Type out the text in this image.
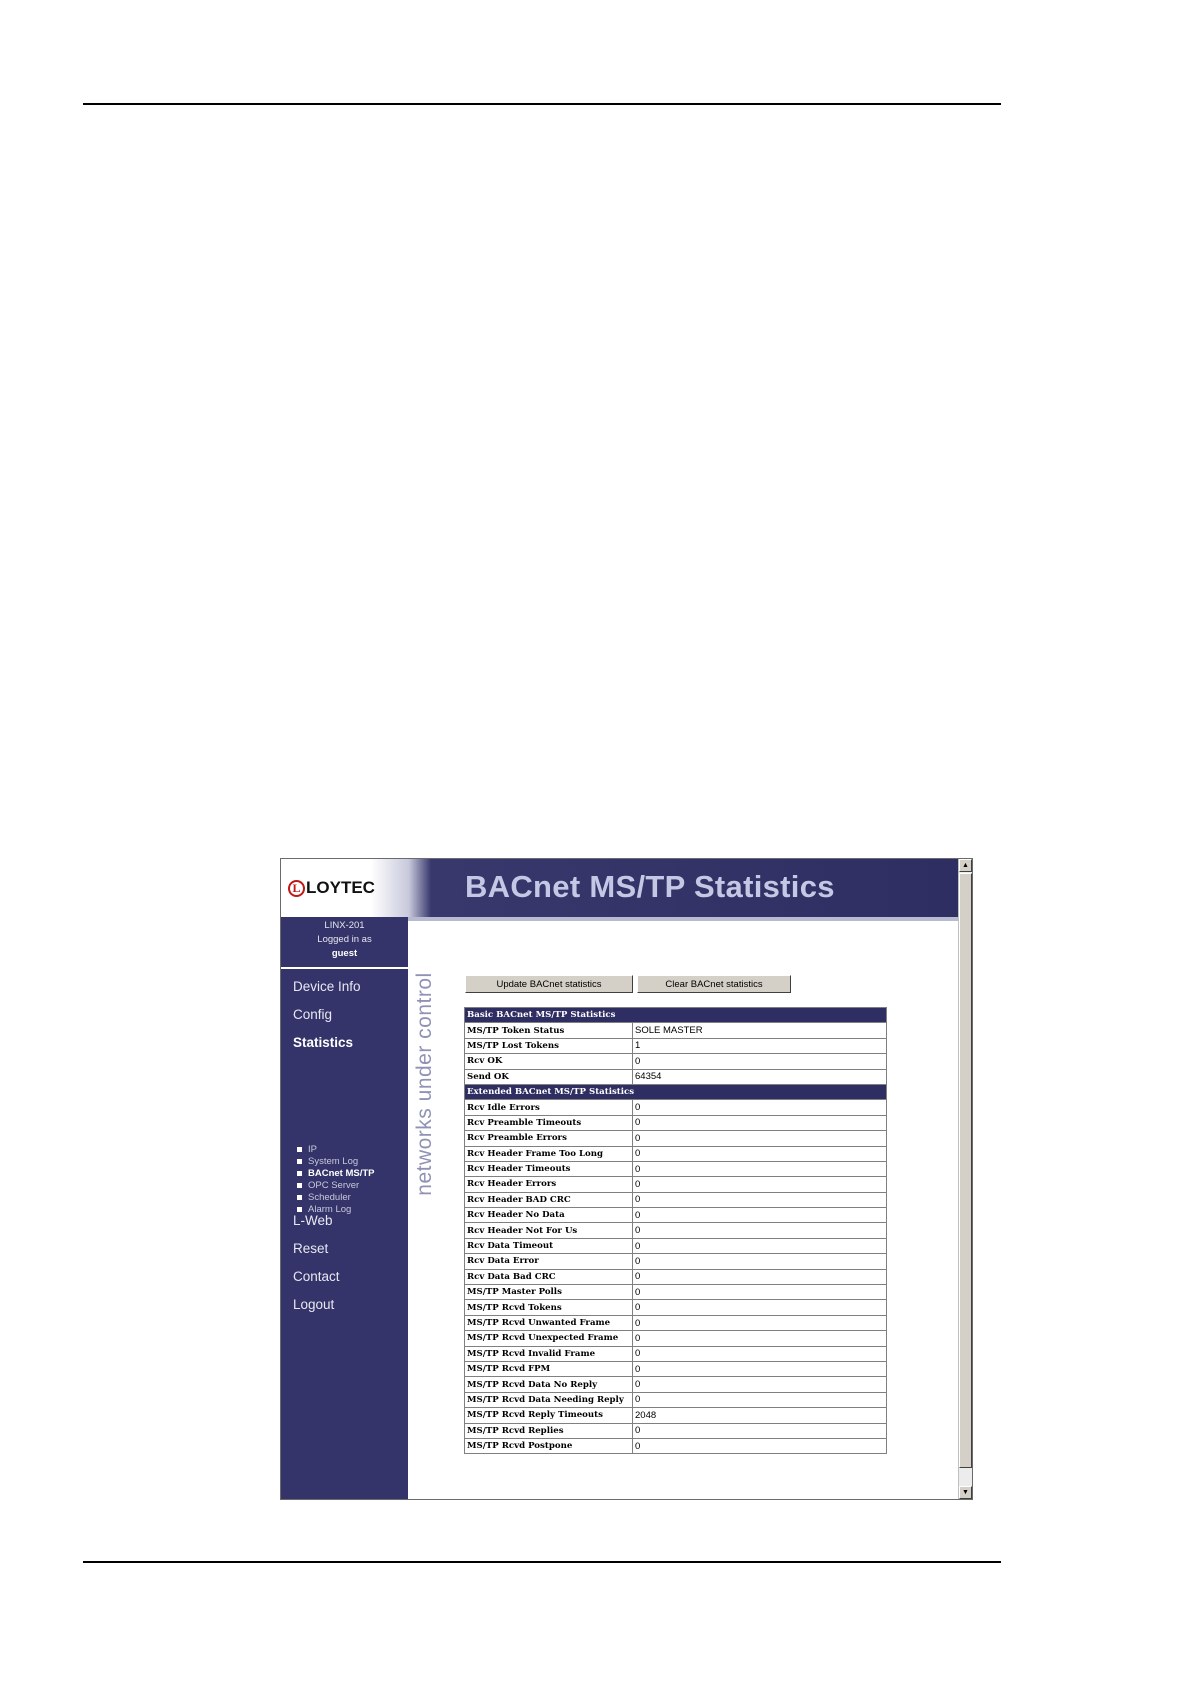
L LOYTEC	BACnet MS/TP Statistics
LINX-201
Logged in as
guest
Device Info
Config
Statistics
IP
System Log
BACnet MS/TP
OPC Server
Scheduler
Alarm Log
L-Web
Reset
Contact
Logout
networks under control	Update BACnet statistics	Clear BACnet statistics
Basic BACnet MS/TP Statistics	
MS/TP Token Status	SOLE MASTER
MS/TP Lost Tokens	1
Rcv OK	0
Send OK	64354
Extended BACnet MS/TP Statistics	
Rcv Idle Errors	0
Rcv Preamble Timeouts	0
Rcv Preamble Errors	0
Rcv Header Frame Too Long	0
Rcv Header Timeouts	0
Rcv Header Errors	0
Rcv Header BAD CRC	0
Rcv Header No Data	0
Rcv Header Not For Us	0
Rcv Data Timeout	0
Rcv Data Error	0
Rcv Data Bad CRC	0
MS/TP Master Polls	0
MS/TP Rcvd Tokens	0
MS/TP Rcvd Unwanted Frame	0
MS/TP Rcvd Unexpected Frame	0
MS/TP Rcvd Invalid Frame	0
MS/TP Rcvd FPM	0
MS/TP Rcvd Data No Reply	0
MS/TP Rcvd Data Needing Reply	0
MS/TP Rcvd Reply Timeouts	2048
MS/TP Rcvd Replies	0
MS/TP Rcvd Postpone	0
▲
▼
